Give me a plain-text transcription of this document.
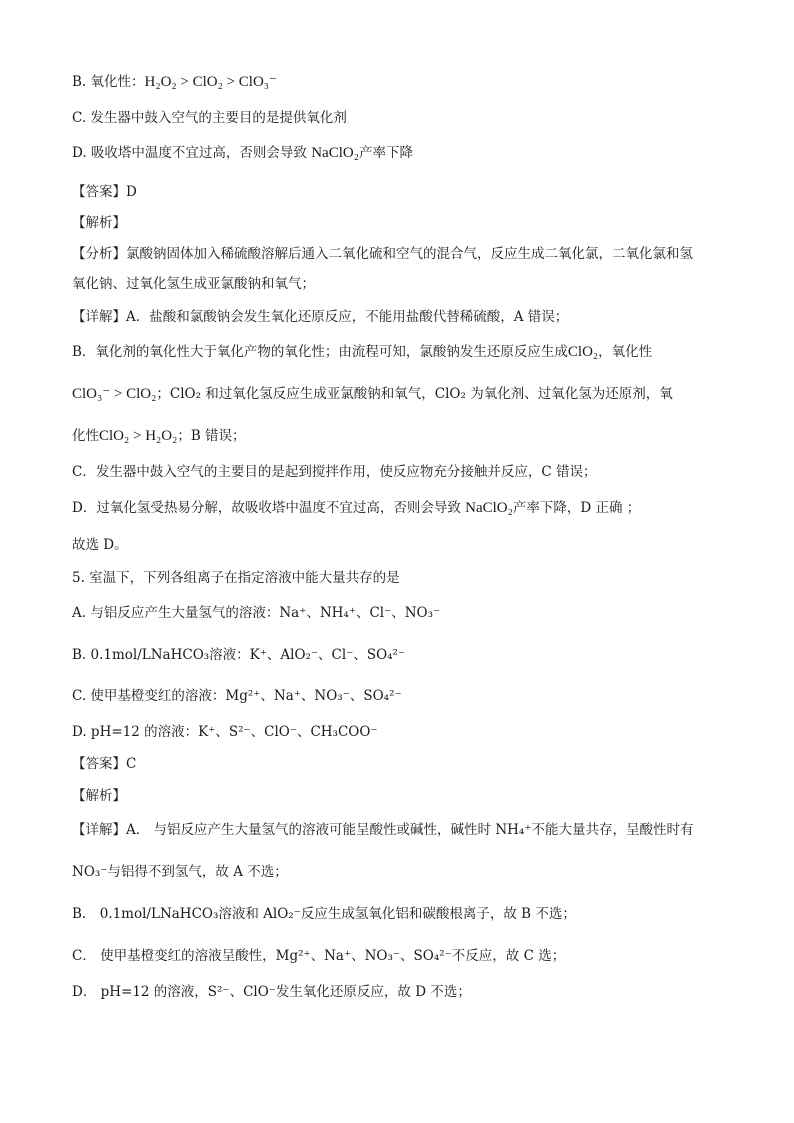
B. 氧化性：H₂O₂ > ClO₂ > ClO₃⁻
C. 发生器中鼓入空气的主要目的是提供氧化剂
D. 吸收塔中温度不宜过高，否则会导致 NaClO₂产率下降
【答案】D
【解析】
【分析】氯酸钠固体加入稀硫酸溶解后通入二氧化硫和空气的混合气，反应生成二氧化氯，二氧化氯和氢
氧化钠、过氧化氢生成亚氯酸钠和氧气；
【详解】A．盐酸和氯酸钠会发生氧化还原反应，不能用盐酸代替稀硫酸，A 错误；
B．氧化剂的氧化性大于氧化产物的氧化性；由流程可知，氯酸钠发生还原反应生成ClO₂，氧化性
ClO₃⁻ > ClO₂；ClO₂ 和过氧化氢反应生成亚氯酸钠和氧气，ClO₂ 为氧化剂、过氧化氢为还原剂，氧
化性ClO₂ > H₂O₂；B 错误；
C．发生器中鼓入空气的主要目的是起到搅拌作用，使反应物充分接触并反应，C 错误；
D．过氧化氢受热易分解，故吸收塔中温度不宜过高，否则会导致 NaClO₂产率下降，D 正确 ；
故选 D。
5. 室温下，下列各组离子在指定溶液中能大量共存的是
A. 与铝反应产生大量氢气的溶液：Na⁺、NH₄⁺、Cl⁻、NO₃⁻
B. 0.1mol/LNaHCO₃溶液：K⁺、AlO₂⁻、Cl⁻、SO₄²⁻
C. 使甲基橙变红的溶液：Mg²⁺、Na⁺、NO₃⁻、SO₄²⁻
D. pH=12 的溶液：K⁺、S²⁻、ClO⁻、CH₃COO⁻
【答案】C
【解析】
【详解】A． 与铝反应产生大量氢气的溶液可能呈酸性或碱性，碱性时 NH₄⁺不能大量共存，呈酸性时有
NO₃⁻与铝得不到氢气，故 A 不选；
B． 0.1mol/LNaHCO₃溶液和 AlO₂⁻反应生成氢氧化铝和碳酸根离子，故 B 不选；
C． 使甲基橙变红的溶液呈酸性，Mg²⁺、Na⁺、NO₃⁻、SO₄²⁻不反应，故 C 选；
D． pH=12 的溶液，S²⁻、ClO⁻发生氧化还原反应，故 D 不选；
